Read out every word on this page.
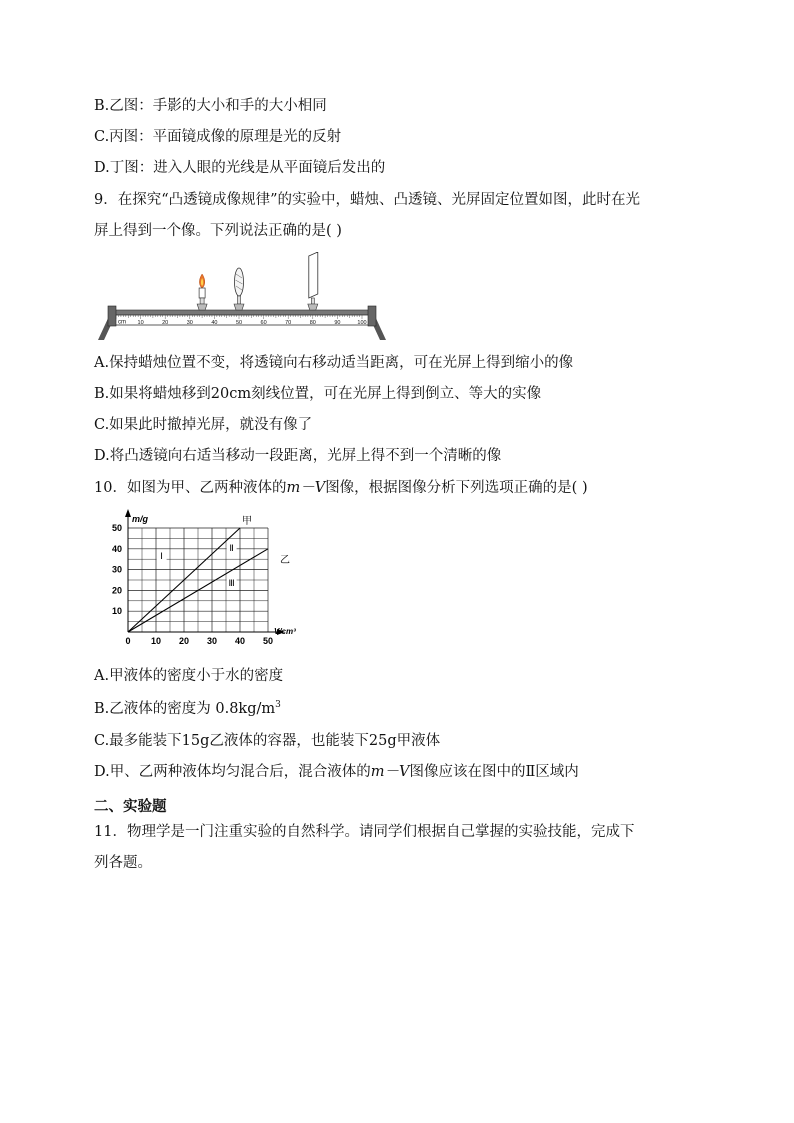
B.乙图：手影的大小和手的大小相同
C.丙图：平面镜成像的原理是光的反射
D.丁图：进入人眼的光线是从平面镜后发出的
9．在探究“凸透镜成像规律”的实验中，蜡烛、凸透镜、光屏固定位置如图，此时在光
屏上得到一个像。下列说法正确的是( )
10	20	30	40	50	60	70	80	90	100
cm
A.保持蜡烛位置不变，将透镜向右移动适当距离，可在光屏上得到缩小的像
B.如果将蜡烛移到20cm刻线位置，可在光屏上得到倒立、等大的实像
C.如果此时撤掉光屏，就没有像了
D.将凸透镜向右适当移动一段距离，光屏上得不到一个清晰的像
10．如图为甲、乙两种液体的m－V图像，根据图像分析下列选项正确的是( )
m/g
V/cm³
0 10 20 30 40 50
10
20
30
40
50
甲
乙
Ⅰ
Ⅱ
Ⅲ
A.甲液体的密度小于水的密度
B.乙液体的密度为 $0.8kg/m^3$
C.最多能装下15g乙液体的容器，也能装下25g甲液体
D.甲、乙两种液体均匀混合后，混合液体的m－V图像应该在图中的Ⅱ区域内
二、实验题
11．物理学是一门注重实验的自然科学。请同学们根据自己掌握的实验技能，完成下
列各题。
